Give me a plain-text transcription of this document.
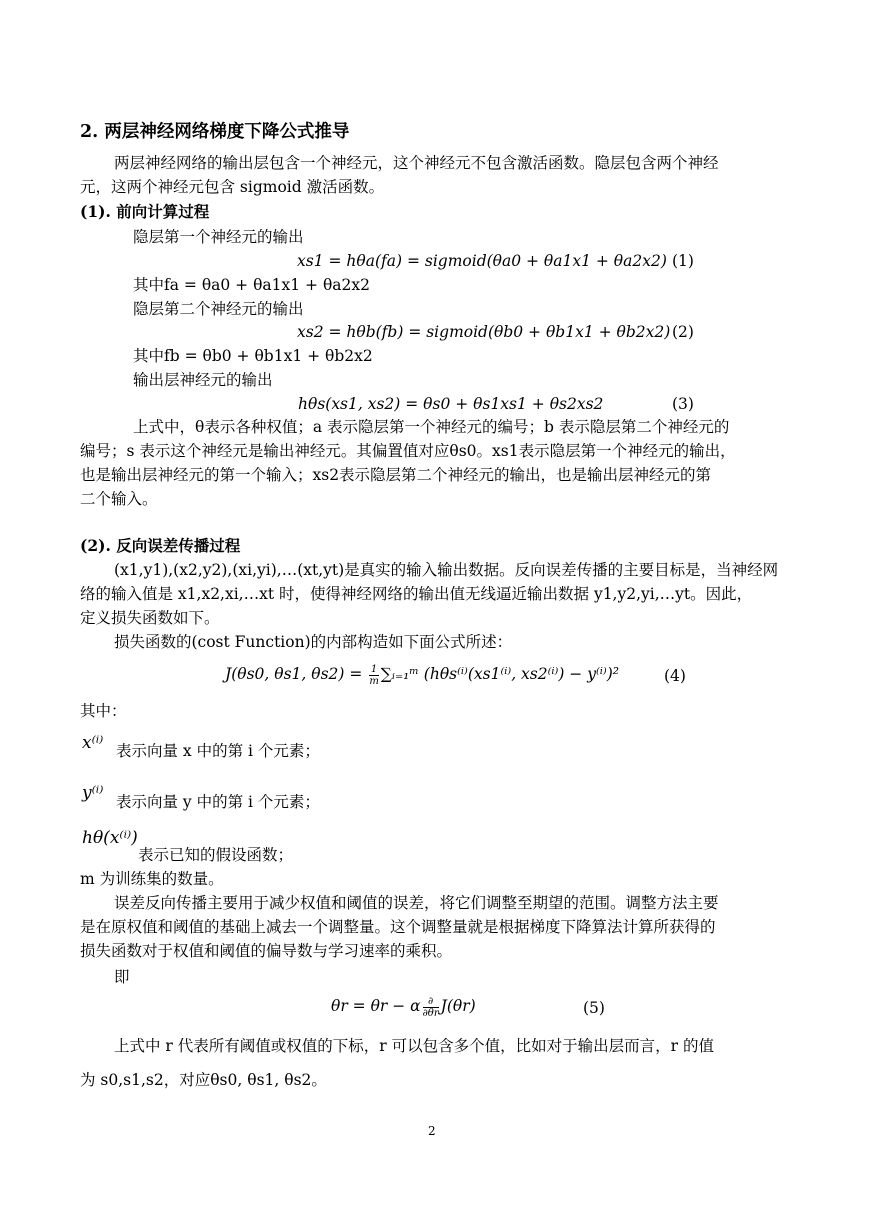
2. 两层神经网络梯度下降公式推导
两层神经网络的输出层包含一个神经元，这个神经元不包含激活函数。隐层包含两个神经
元，这两个神经元包含 sigmoid 激活函数。
(1). 前向计算过程
隐层第一个神经元的输出
xs1 = hθa(fa) = sigmoid(θa0 + θa1x1 + θa2x2) (1)
其中fa = θa0 + θa1x1 + θa2x2
隐层第二个神经元的输出
xs2 = hθb(fb) = sigmoid(θb0 + θb1x1 + θb2x2) (2)
其中fb = θb0 + θb1x1 + θb2x2
输出层神经元的输出
hθs(xs1, xs2) = θs0 + θs1xs1 + θs2xs2	(3)
上式中，θ表示各种权值；a 表示隐层第一个神经元的编号；b 表示隐层第二个神经元的
编号；s 表示这个神经元是输出神经元。其偏置值对应θs0。xs1表示隐层第一个神经元的输出，
也是输出层神经元的第一个输入；xs2表示隐层第二个神经元的输出，也是输出层神经元的第
二个输入。
(2). 反向误差传播过程
(x1,y1),(x2,y2),(xi,yi),…(xt,yt)是真实的输入输出数据。反向误差传播的主要目标是，当神经网
络的输入值是 x1,x2,xi,…xt 时，使得神经网络的输出值无线逼近输出数据 y1,y2,yi,…yt。因此，
定义损失函数如下。
损失函数的(cost Function)的内部构造如下面公式所述：
J(θs0, θs1, $\theta s2) = \frac{1}{m}$ ∑ᵢ₌₁ᵐ (hθs⁽ⁱ⁾(xs1⁽ⁱ⁾, xs2⁽ⁱ⁾) − y⁽ⁱ⁾)²	(4)
其中：
x⁽ⁱ⁾ 表示向量 x 中的第 i 个元素；
y⁽ⁱ⁾ 表示向量 y 中的第 i 个元素；
hθ(x⁽ⁱ⁾)
表示已知的假设函数；
m 为训练集的数量。
误差反向传播主要用于减少权值和阈值的误差，将它们调整至期望的范围。调整方法主要
是在原权值和阈值的基础上减去一个调整量。这个调整量就是根据梯度下降算法计算所获得的
损失函数对于权值和阈值的偏导数与学习速率的乘积。
即
θr = θr − α $\frac{\partial}{\partial\theta r} J(\theta r)$	(5)
上式中 r 代表所有阈值或权值的下标，r 可以包含多个值，比如对于输出层而言，r 的值
为 s0,s1,s2，对应θs0, θs1, θs2。
2
